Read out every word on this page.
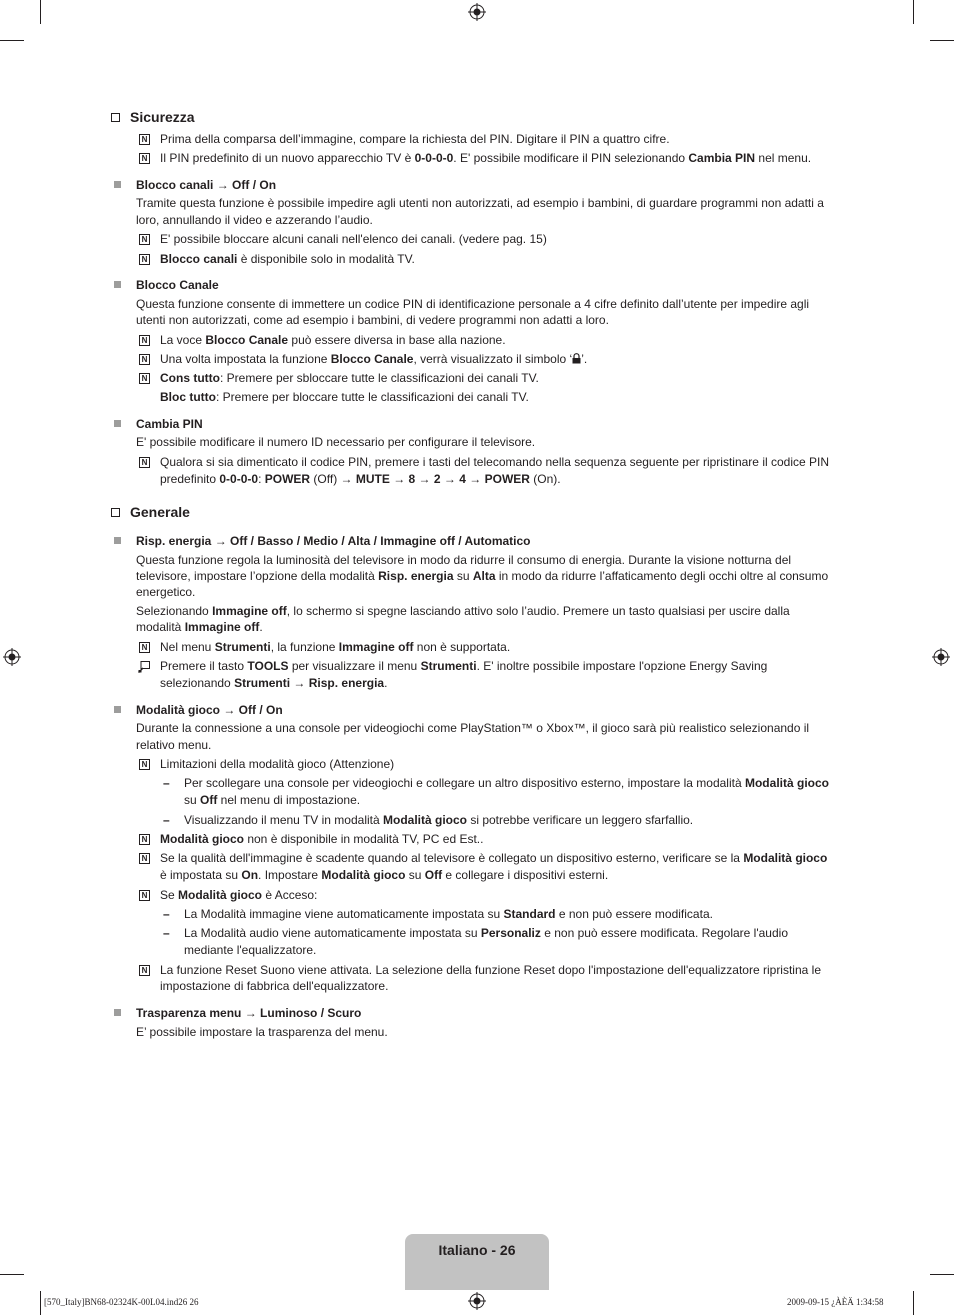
Sicurezza
N Prima della comparsa dell’immagine, compare la richiesta del PIN. Digitare il PIN a quattro cifre.
N Il PIN predefinito di un nuovo apparecchio TV è 0-0-0-0. E' possibile modificare il PIN selezionando Cambia PIN nel menu.
Blocco canali → Off / On
Tramite questa funzione è possibile impedire agli utenti non autorizzati, ad esempio i bambini, di guardare programmi non adatti a
loro, annullando il video e azzerando l’audio.
N E' possibile bloccare alcuni canali nell'elenco dei canali. (vedere pag. 15)
N Blocco canali è disponibile solo in modalità TV.
Blocco Canale
Questa funzione consente di immettere un codice PIN di identificazione personale a 4 cifre definito dall’utente per impedire agli
utenti non autorizzati, come ad esempio i bambini, di vedere programmi non adatti a loro.
N La voce Blocco Canale può essere diversa in base alla nazione.
N Una volta impostata la funzione Blocco Canale, verrà visualizzato il simbolo ‘ ’.
N Cons tutto: Premere per sbloccare tutte le classificazioni dei canali TV.
Bloc tutto: Premere per bloccare tutte le classificazioni dei canali TV.
Cambia PIN
E' possibile modificare il numero ID necessario per configurare il televisore.
N Qualora si sia dimenticato il codice PIN, premere i tasti del telecomando nella sequenza seguente per ripristinare il codice PIN
predefinito 0-0-0-0: POWER (Off) → MUTE → 8 → 2 → 4 → POWER (On).
Generale
Risp. energia → Off / Basso / Medio / Alta / Immagine off / Automatico
Questa funzione regola la luminosità del televisore in modo da ridurre il consumo di energia. Durante la visione notturna del
televisore, impostare l’opzione della modalità Risp. energia su Alta in modo da ridurre l’affaticamento degli occhi oltre al consumo
energetico.
Selezionando Immagine off, lo schermo si spegne lasciando attivo solo l’audio. Premere un tasto qualsiasi per uscire dalla
modalità Immagine off.
N Nel menu Strumenti, la funzione Immagine off non è supportata.
Premere il tasto TOOLS per visualizzare il menu Strumenti. E' inoltre possibile impostare l'opzione Energy Saving
selezionando Strumenti → Risp. energia.
Modalità gioco → Off / On
Durante la connessione a una console per videogiochi come PlayStation™ o Xbox™, il gioco sarà più realistico selezionando il
relativo menu.
N Limitazioni della modalità gioco (Attenzione)
– Per scollegare una console per videogiochi e collegare un altro dispositivo esterno, impostare la modalità Modalità gioco
su Off nel menu di impostazione.
– Visualizzando il menu TV in modalità Modalità gioco si potrebbe verificare un leggero sfarfallio.
N Modalità gioco non è disponibile in modalità TV, PC ed Est..
N Se la qualità dell'immagine è scadente quando al televisore è collegato un dispositivo esterno, verificare se la Modalità gioco
è impostata su On. Impostare Modalità gioco su Off e collegare i dispositivi esterni.
N Se Modalità gioco è Acceso:
– La Modalità immagine viene automaticamente impostata su Standard e non può essere modificata.
– La Modalità audio viene automaticamente impostata su Personaliz e non può essere modificata. Regolare l'audio
mediante l'equalizzatore.
N La funzione Reset Suono viene attivata. La selezione della funzione Reset dopo l'impostazione dell'equalizzatore ripristina le
impostazione di fabbrica dell'equalizzatore.
Trasparenza menu → Luminoso / Scuro
E’ possibile impostare la trasparenza del menu.
Italiano - 26
[570_Italy]BN68-02324K-00L04.ind26 26	2009-09-15 ¿ÀÈÄ 1:34:58
